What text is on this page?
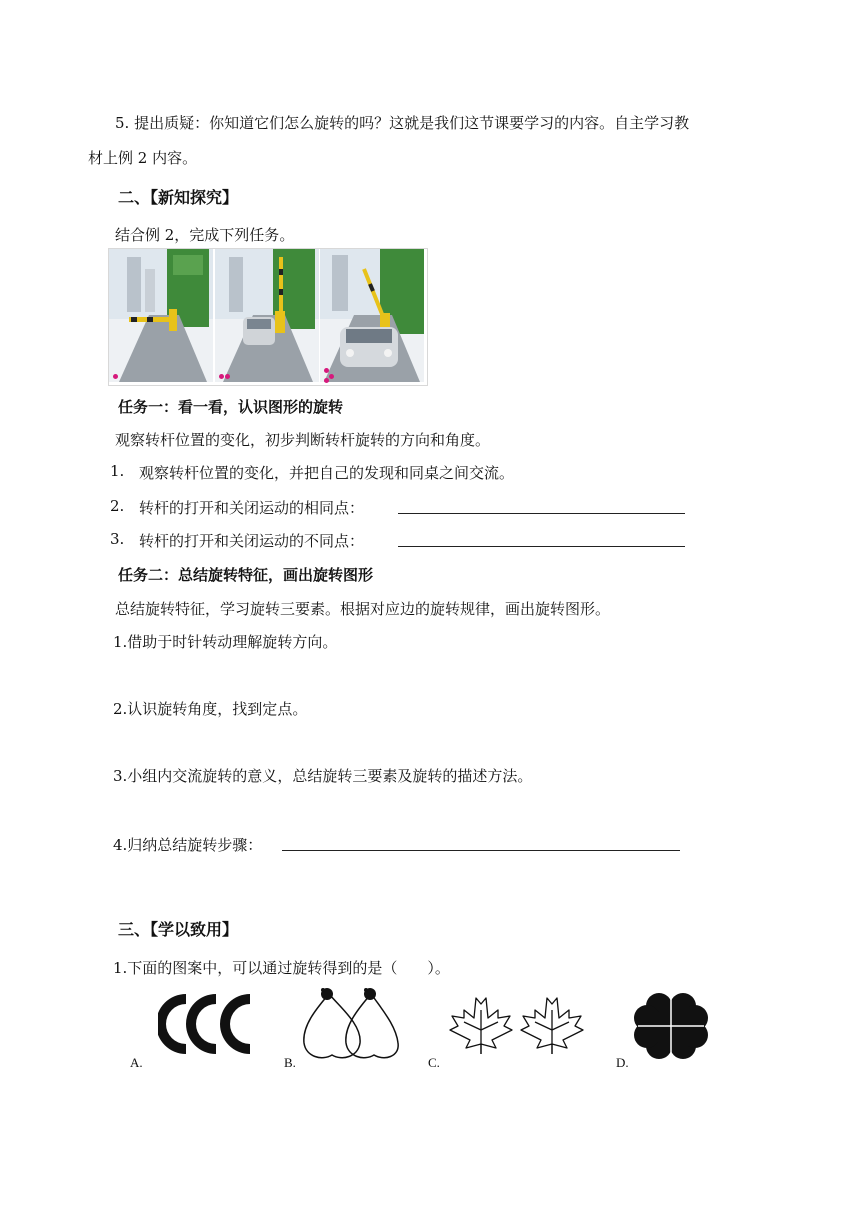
5. 提出质疑：你知道它们怎么旋转的吗？这就是我们这节课要学习的内容。自主学习教
材上例 2 内容。
二、【新知探究】
结合例 2，完成下列任务。
任务一：看一看，认识图形的旋转
观察转杆位置的变化，初步判断转杆旋转的方向和角度。
1. 观察转杆位置的变化，并把自己的发现和同桌之间交流。
2. 转杆的打开和关闭运动的相同点：
3. 转杆的打开和关闭运动的不同点：
任务二：总结旋转特征，画出旋转图形
总结旋转特征，学习旋转三要素。根据对应边的旋转规律，画出旋转图形。
1.借助于时针转动理解旋转方向。
2.认识旋转角度，找到定点。
3.小组内交流旋转的意义，总结旋转三要素及旋转的描述方法。
4.归纳总结旋转步骤：
三、【学以致用】
1.下面的图案中，可以通过旋转得到的是（　　）。
A.	B.	C.	D.
